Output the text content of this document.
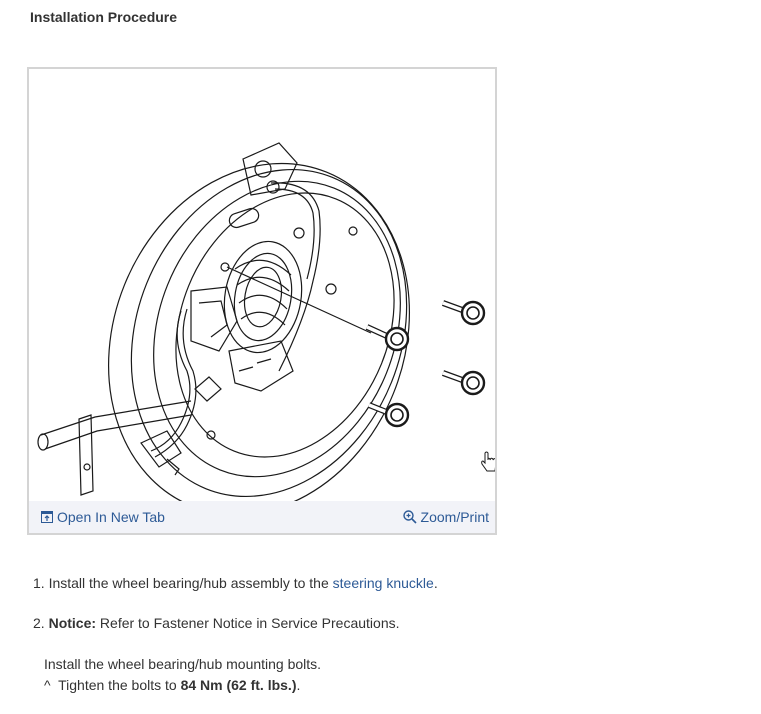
Installation Procedure
Open In New Tab	Zoom/Print
1. Install the wheel bearing/hub assembly to the steering knuckle.
2. Notice: Refer to Fastener Notice in Service Precautions.
Install the wheel bearing/hub mounting bolts.
^ Tighten the bolts to 84 Nm (62 ft. lbs.).
